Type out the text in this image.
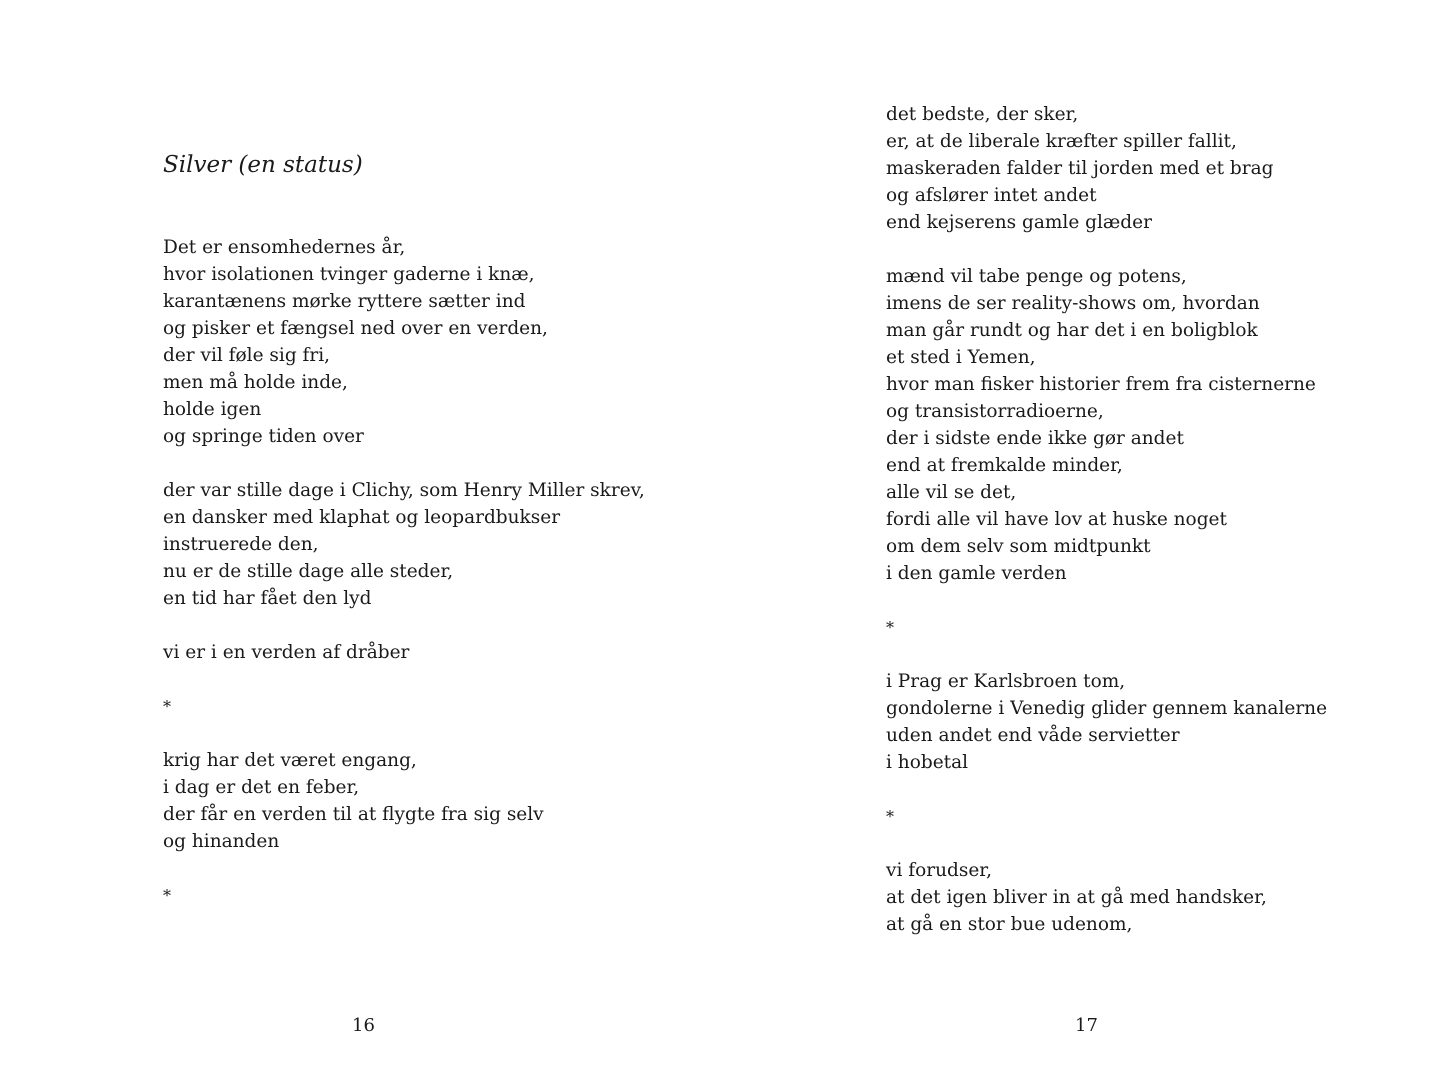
Silver (en status)
Det er ensomhedernes år,
hvor isolationen tvinger gaderne i knæ,
karantænens mørke ryttere sætter ind
og pisker et fængsel ned over en verden,
der vil føle sig fri,
men må holde inde,
holde igen
og springe tiden over
der var stille dage i Clichy, som Henry Miller skrev,
en dansker med klaphat og leopardbukser
instruerede den,
nu er de stille dage alle steder,
en tid har fået den lyd
vi er i en verden af dråber
*
krig har det været engang,
i dag er det en feber,
der får en verden til at flygte fra sig selv
og hinanden
*
16
det bedste, der sker,
er, at de liberale kræfter spiller fallit,
maskeraden falder til jorden med et brag
og afslører intet andet
end kejserens gamle glæder
mænd vil tabe penge og potens,
imens de ser reality-shows om, hvordan
man går rundt og har det i en boligblok
et sted i Yemen,
hvor man fisker historier frem fra cisternerne
og transistorradioerne,
der i sidste ende ikke gør andet
end at fremkalde minder,
alle vil se det,
fordi alle vil have lov at huske noget
om dem selv som midtpunkt
i den gamle verden
*
i Prag er Karlsbroen tom,
gondolerne i Venedig glider gennem kanalerne
uden andet end våde servietter
i hobetal
*
vi forudser,
at det igen bliver in at gå med handsker,
at gå en stor bue udenom,
17
